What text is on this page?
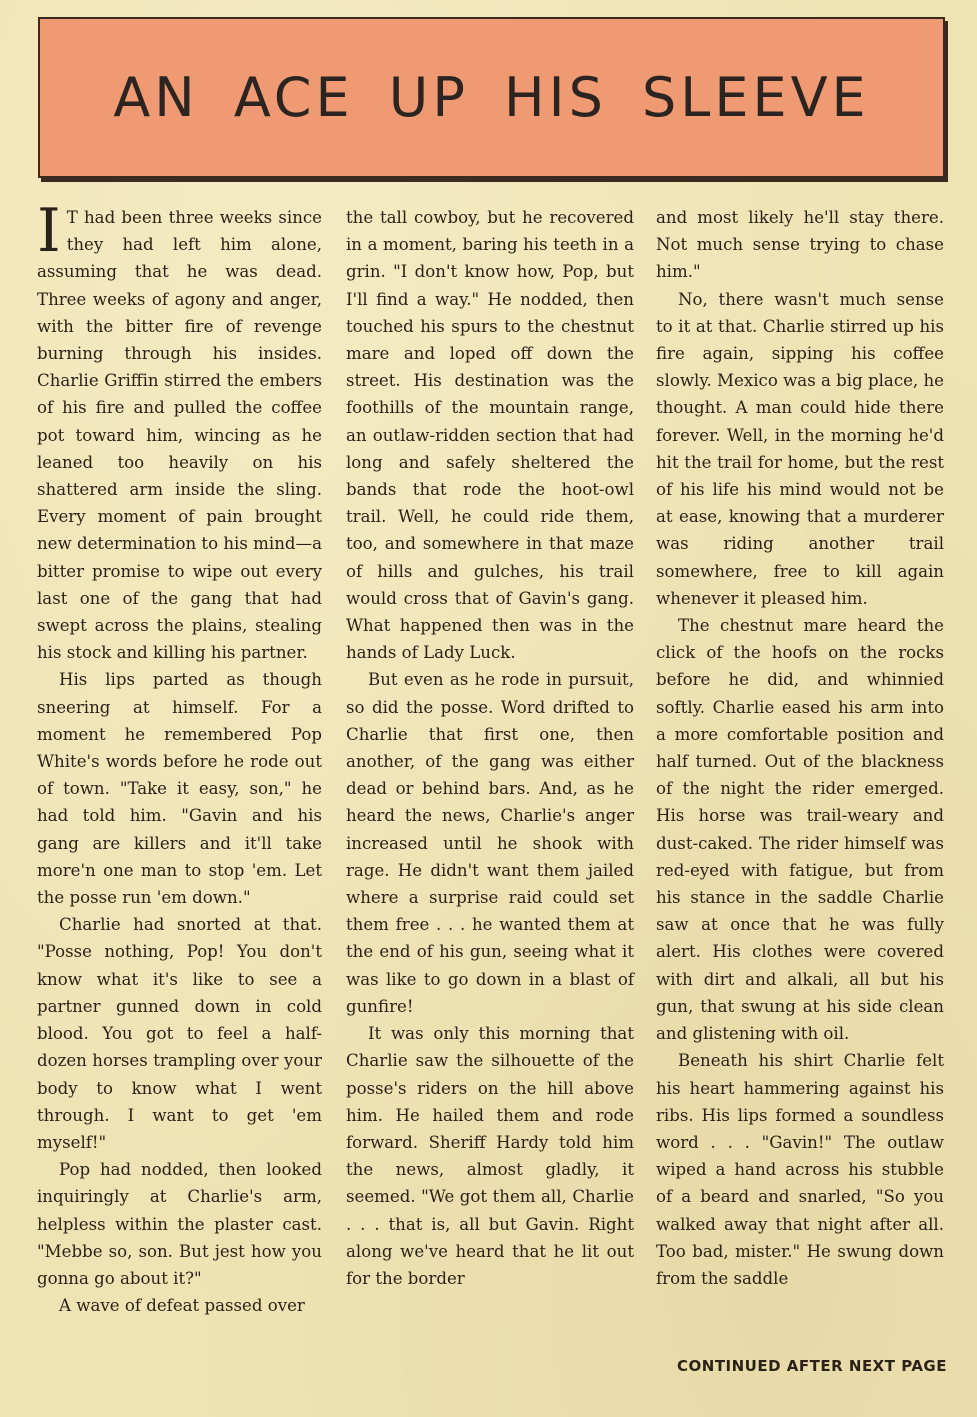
AN ACE UP HIS SLEEVE

I T had been three weeks since they had left him alone, assuming that he was dead. Three weeks of agony and anger, with the bitter fire of revenge burning through his insides. Charlie Griffin stirred the embers of his fire and pulled the coffee pot toward him, wincing as he leaned too heavily on his shattered arm inside the sling. Every moment of pain brought new determination to his mind—a bitter promise to wipe out every last one of the gang that had swept across the plains, stealing his stock and killing his partner.

His lips parted as though sneering at himself. For a moment he remembered Pop White's words before he rode out of town. "Take it easy, son," he had told him. "Gavin and his gang are killers and it'll take more'n one man to stop 'em. Let the posse run 'em down."

Charlie had snorted at that. "Posse nothing, Pop! You don't know what it's like to see a partner gunned down in cold blood. You got to feel a half-dozen horses trampling over your body to know what I went through. I want to get 'em myself!"

Pop had nodded, then looked inquiringly at Charlie's arm, helpless within the plaster cast. "Mebbe so, son. But jest how you gonna go about it?"

A wave of defeat passed over

the tall cowboy, but he recovered in a moment, baring his teeth in a grin. "I don't know how, Pop, but I'll find a way." He nodded, then touched his spurs to the chestnut mare and loped off down the street. His destination was the foothills of the mountain range, an outlaw-ridden section that had long and safely sheltered the bands that rode the hoot-owl trail. Well, he could ride them, too, and somewhere in that maze of hills and gulches, his trail would cross that of Gavin's gang. What happened then was in the hands of Lady Luck.

But even as he rode in pursuit, so did the posse. Word drifted to Charlie that first one, then another, of the gang was either dead or behind bars. And, as he heard the news, Charlie's anger increased until he shook with rage. He didn't want them jailed where a surprise raid could set them free . . . he wanted them at the end of his gun, seeing what it was like to go down in a blast of gunfire!

It was only this morning that Charlie saw the silhouette of the posse's riders on the hill above him. He hailed them and rode forward. Sheriff Hardy told him the news, almost gladly, it seemed. "We got them all, Charlie . . . that is, all but Gavin. Right along we've heard that he lit out for the border

and most likely he'll stay there. Not much sense trying to chase him."

No, there wasn't much sense to it at that. Charlie stirred up his fire again, sipping his coffee slowly. Mexico was a big place, he thought. A man could hide there forever. Well, in the morning he'd hit the trail for home, but the rest of his life his mind would not be at ease, knowing that a murderer was riding another trail somewhere, free to kill again whenever it pleased him.

The chestnut mare heard the click of the hoofs on the rocks before he did, and whinnied softly. Charlie eased his arm into a more comfortable position and half turned. Out of the blackness of the night the rider emerged. His horse was trail-weary and dust-caked. The rider himself was red-eyed with fatigue, but from his stance in the saddle Charlie saw at once that he was fully alert. His clothes were covered with dirt and alkali, all but his gun, that swung at his side clean and glistening with oil.

Beneath his shirt Charlie felt his heart hammering against his ribs. His lips formed a soundless word . . . "Gavin!" The outlaw wiped a hand across his stubble of a beard and snarled, "So you walked away that night after all. Too bad, mister." He swung down from the saddle

CONTINUED AFTER NEXT PAGE
